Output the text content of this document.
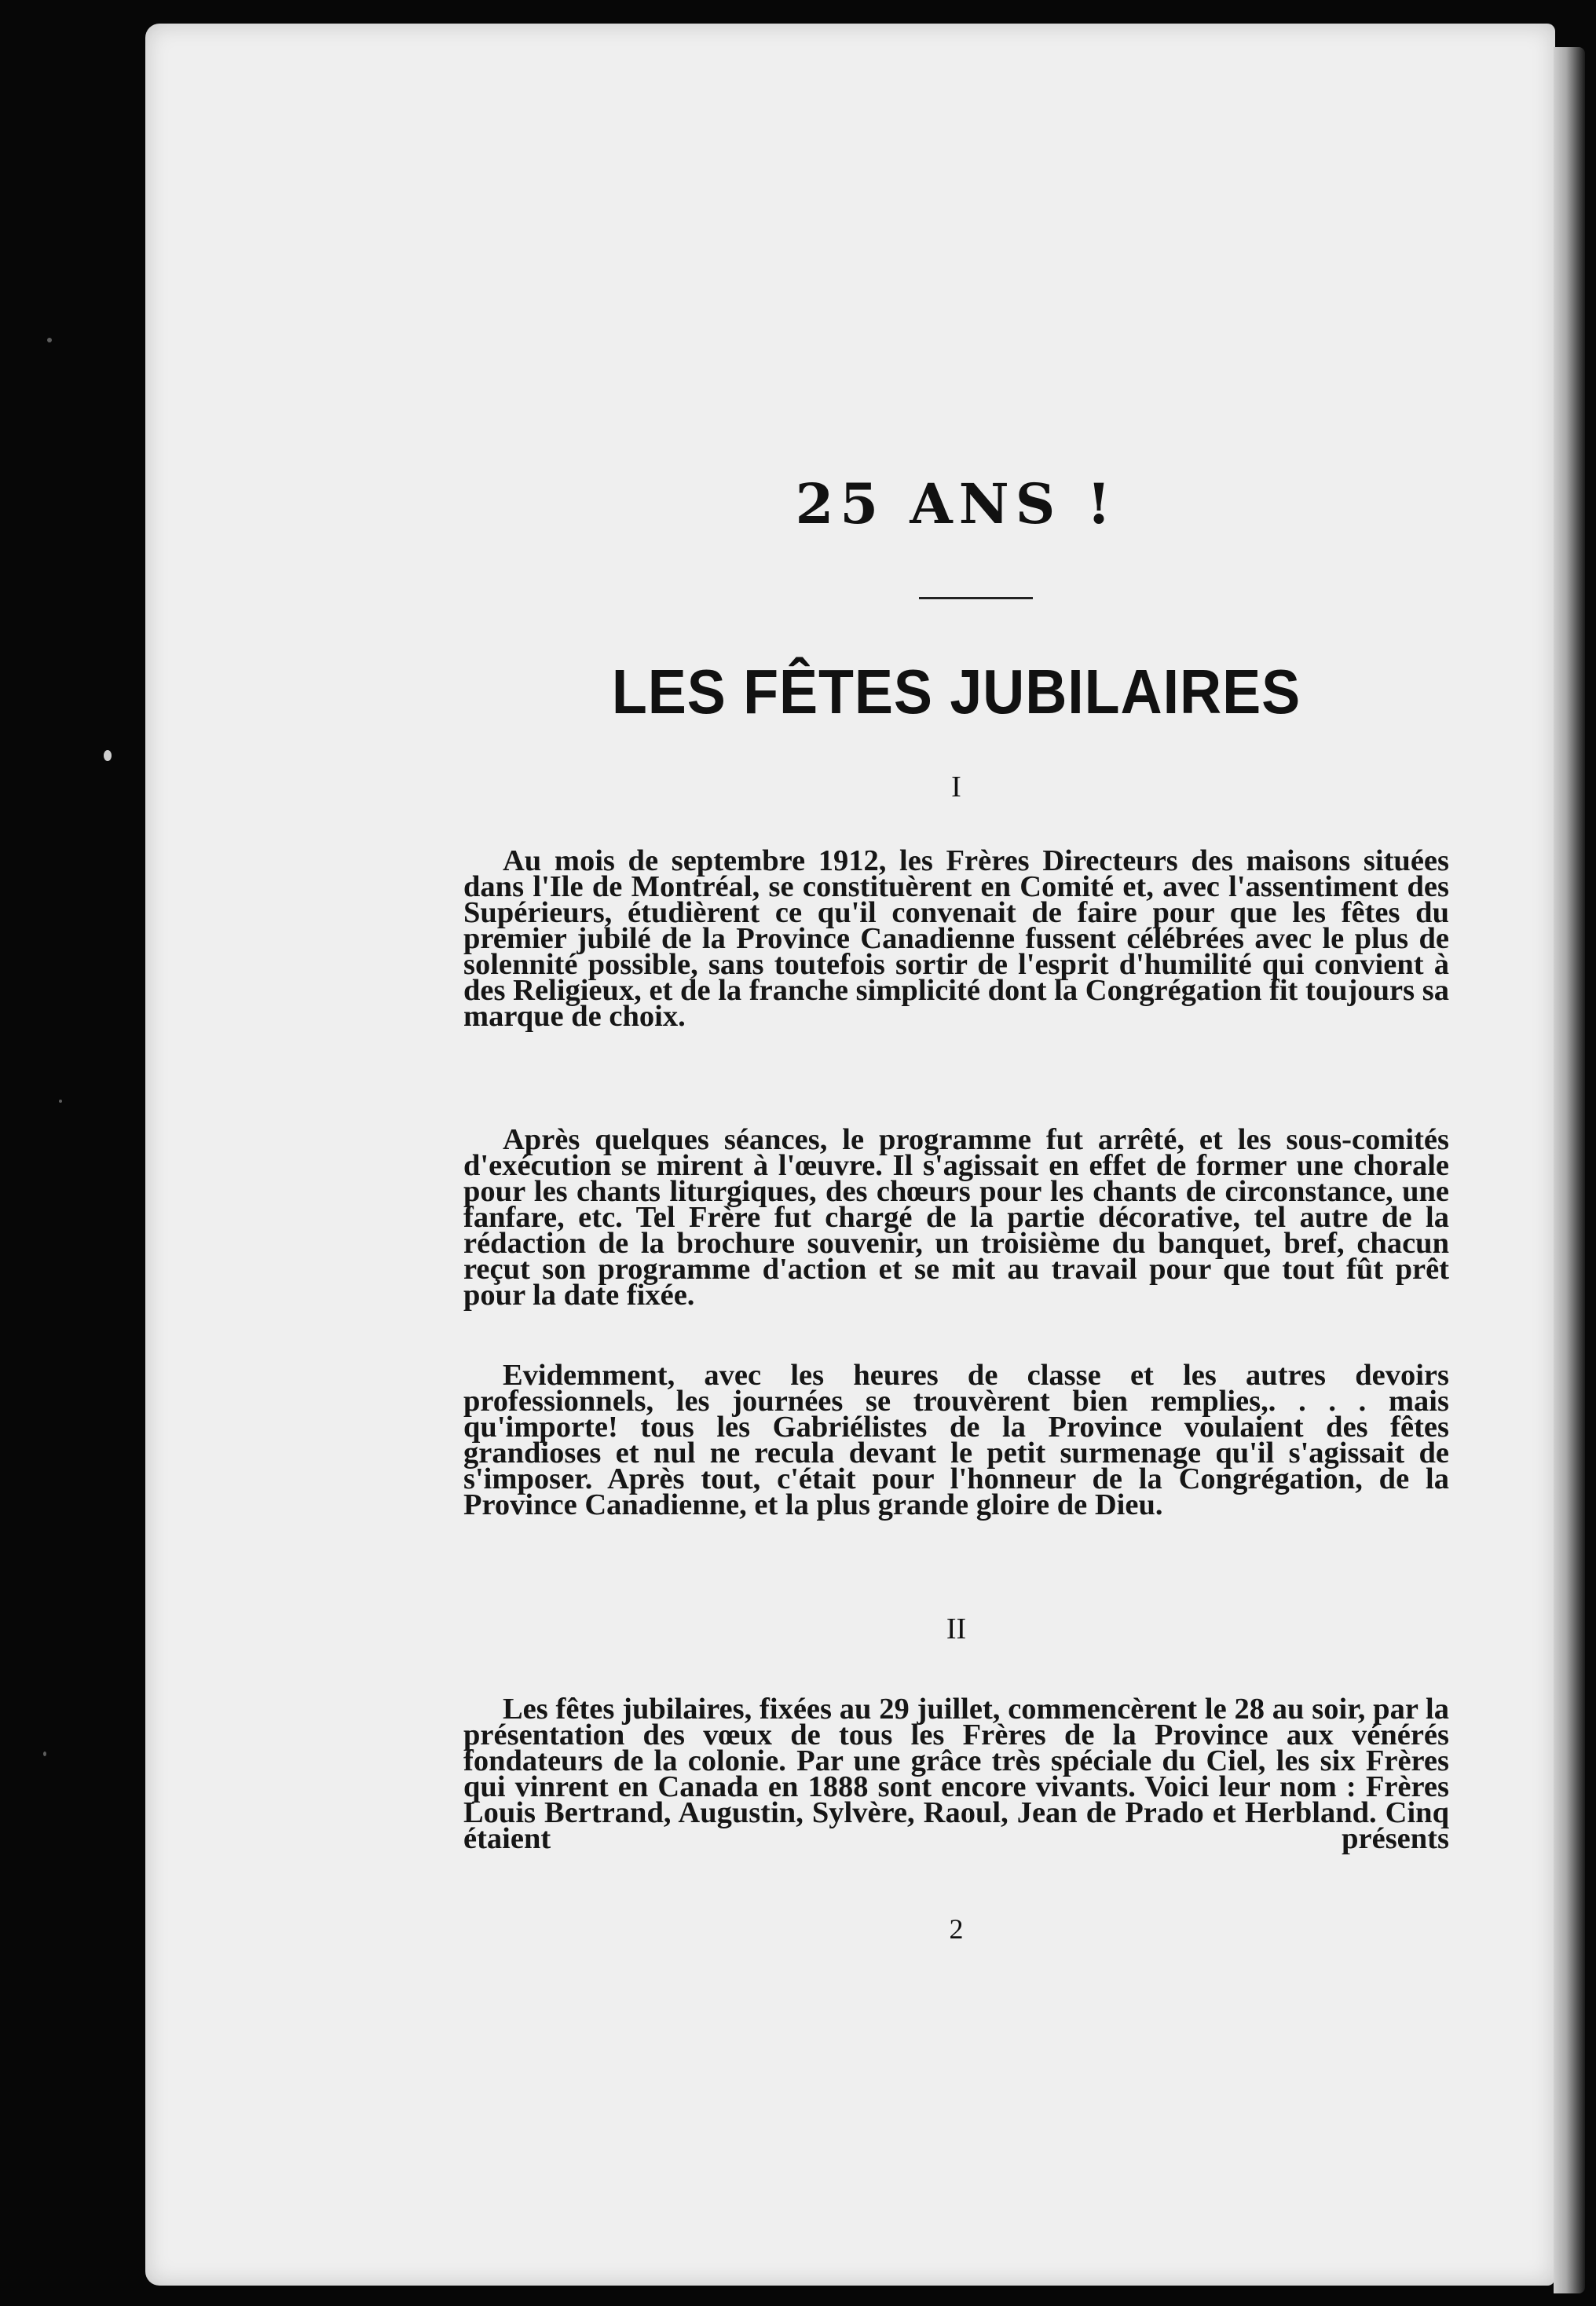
25 ANS !
LES FÊTES JUBILAIRES

I

Au mois de septembre 1912, les Frères Directeurs des maisons situées dans l'Ile de Montréal, se constituèrent en Comité et, avec l'assentiment des Supérieurs, étudièrent ce qu'il convenait de faire pour que les fêtes du premier jubilé de la Province Canadienne fussent célébrées avec le plus de solennité possible, sans toutefois sortir de l'esprit d'humilité qui convient à des Religieux, et de la franche simplicité dont la Congrégation fit toujours sa marque de choix.

Après quelques séances, le programme fut arrêté, et les sous-comités d'exécution se mirent à l'œuvre. Il s'agissait en effet de former une chorale pour les chants liturgiques, des chœurs pour les chants de circonstance, une fanfare, etc. Tel Frère fut chargé de la partie décorative, tel autre de la rédaction de la brochure souvenir, un troisième du banquet, bref, chacun reçut son programme d'action et se mit au travail pour que tout fût prêt pour la date fixée.

Evidemment, avec les heures de classe et les autres devoirs professionnels, les journées se trouvèrent bien remplies,. . . . mais qu'importe! tous les Gabriélistes de la Province voulaient des fêtes grandioses et nul ne recula devant le petit surmenage qu'il s'agissait de s'imposer. Après tout, c'était pour l'honneur de la Congrégation, de la Province Canadienne, et la plus grande gloire de Dieu.

II

Les fêtes jubilaires, fixées au 29 juillet, commencèrent le 28 au soir, par la présentation des vœux de tous les Frères de la Province aux vénérés fondateurs de la colonie. Par une grâce très spéciale du Ciel, les six Frères qui vinrent en Canada en 1888 sont encore vivants. Voici leur nom : Frères Louis Bertrand, Augustin, Sylvère, Raoul, Jean de Prado et Herbland. Cinq étaient présents

2
